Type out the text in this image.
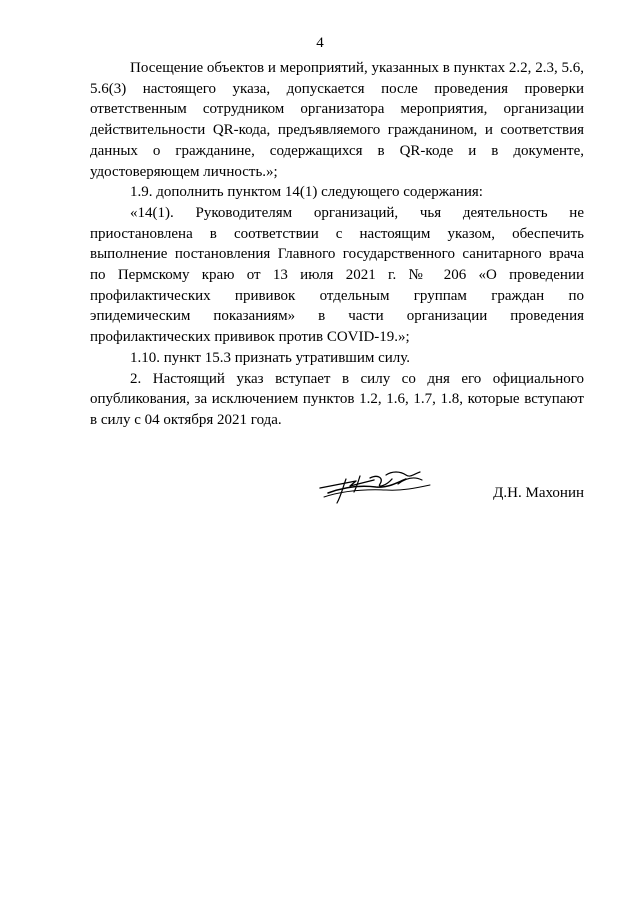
4

Посещение объектов и мероприятий, указанных в пунктах 2.2, 2.3, 5.6, 5.6(3) настоящего указа, допускается после проведения проверки ответственным сотрудником организатора мероприятия, организации действительности QR-кода, предъявляемого гражданином, и соответствия данных о гражданине, содержащихся в QR-коде и в документе, удостоверяющем личность.»;

1.9. дополнить пунктом 14(1) следующего содержания:

«14(1). Руководителям организаций, чья деятельность не приостановлена в соответствии с настоящим указом, обеспечить выполнение постановления Главного государственного санитарного врача по Пермскому краю от 13 июля 2021 г. № 206 «О проведении профилактических прививок отдельным группам граждан по эпидемическим показаниям» в части организации проведения профилактических прививок против COVID-19.»;

1.10. пункт 15.3 признать утратившим силу.

2. Настоящий указ вступает в силу со дня его официального опубликования, за исключением пунктов 1.2, 1.6, 1.7, 1.8, которые вступают в силу с 04 октября 2021 года.

Д.Н. Махонин
